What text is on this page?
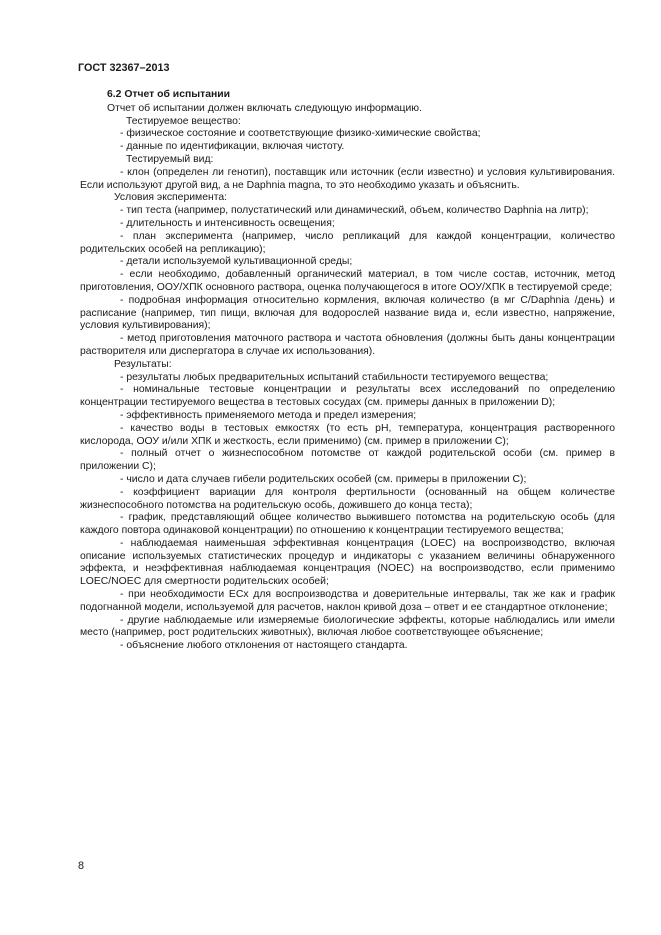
ГОСТ 32367–2013
6.2 Отчет об испытании
Отчет об испытании должен включать следующую информацию.
Тестируемое вещество:
- физическое состояние и соответствующие физико-химические свойства;
- данные по идентификации, включая чистоту.
Тестируемый вид:
- клон (определен ли генотип), поставщик или источник (если известно) и условия культивирования. Если используют другой вид, а не Daphnia magna, то это необходимо указать и объяснить.
Условия эксперимента:
- тип теста (например, полустатический или динамический, объем, количество Daphnia на литр);
- длительность и интенсивность освещения;
- план эксперимента (например, число репликаций для каждой концентрации, количество родительских особей на репликацию);
- детали используемой культивационной среды;
- если необходимо, добавленный органический материал, в том числе состав, источник, метод приготовления, ООУ/ХПК основного раствора, оценка получающегося в итоге ООУ/ХПК в тестируемой среде;
- подробная информация относительно кормления, включая количество (в мг C/Daphnia /день) и расписание (например, тип пищи, включая для водорослей название вида и, если известно, напряжение, условия культивирования);
- метод приготовления маточного раствора и частота обновления (должны быть даны концентрации растворителя или диспергатора в случае их использования).
Результаты:
- результаты любых предварительных испытаний стабильности тестируемого вещества;
- номинальные тестовые концентрации и результаты всех исследований по определению концентрации тестируемого вещества в тестовых сосудах (см. примеры данных в приложении D);
- эффективность применяемого метода и предел измерения;
- качество воды в тестовых емкостях (то есть pH, температура, концентрация растворенного кислорода, ООУ и/или ХПК и жесткость, если применимо) (см. пример в приложении C);
- полный отчет о жизнеспособном потомстве от каждой родительской особи (см. пример в приложении C);
- число и дата случаев гибели родительских особей (см. примеры в приложении C);
- коэффициент вариации для контроля фертильности (основанный на общем количестве жизнеспособного потомства на родительскую особь, дожившего до конца теста);
- график, представляющий общее количество выжившего потомства на родительскую особь (для каждого повтора одинаковой концентрации) по отношению к концентрации тестируемого вещества;
- наблюдаемая наименьшая эффективная концентрация (LOEC) на воспроизводство, включая описание используемых статистических процедур и индикаторы с указанием величины обнаруженного эффекта, и неэффективная наблюдаемая концентрация (NOEC) на воспроизводство, если применимо LOEC/NOEC для смертности родительских особей;
- при необходимости ECx для воспроизводства и доверительные интервалы, так же как и график подогнанной модели, используемой для расчетов, наклон кривой доза – ответ и ее стандартное отклонение;
- другие наблюдаемые или измеряемые биологические эффекты, которые наблюдались или имели место (например, рост родительских животных), включая любое соответствующее объяснение;
- объяснение любого отклонения от настоящего стандарта.
8
